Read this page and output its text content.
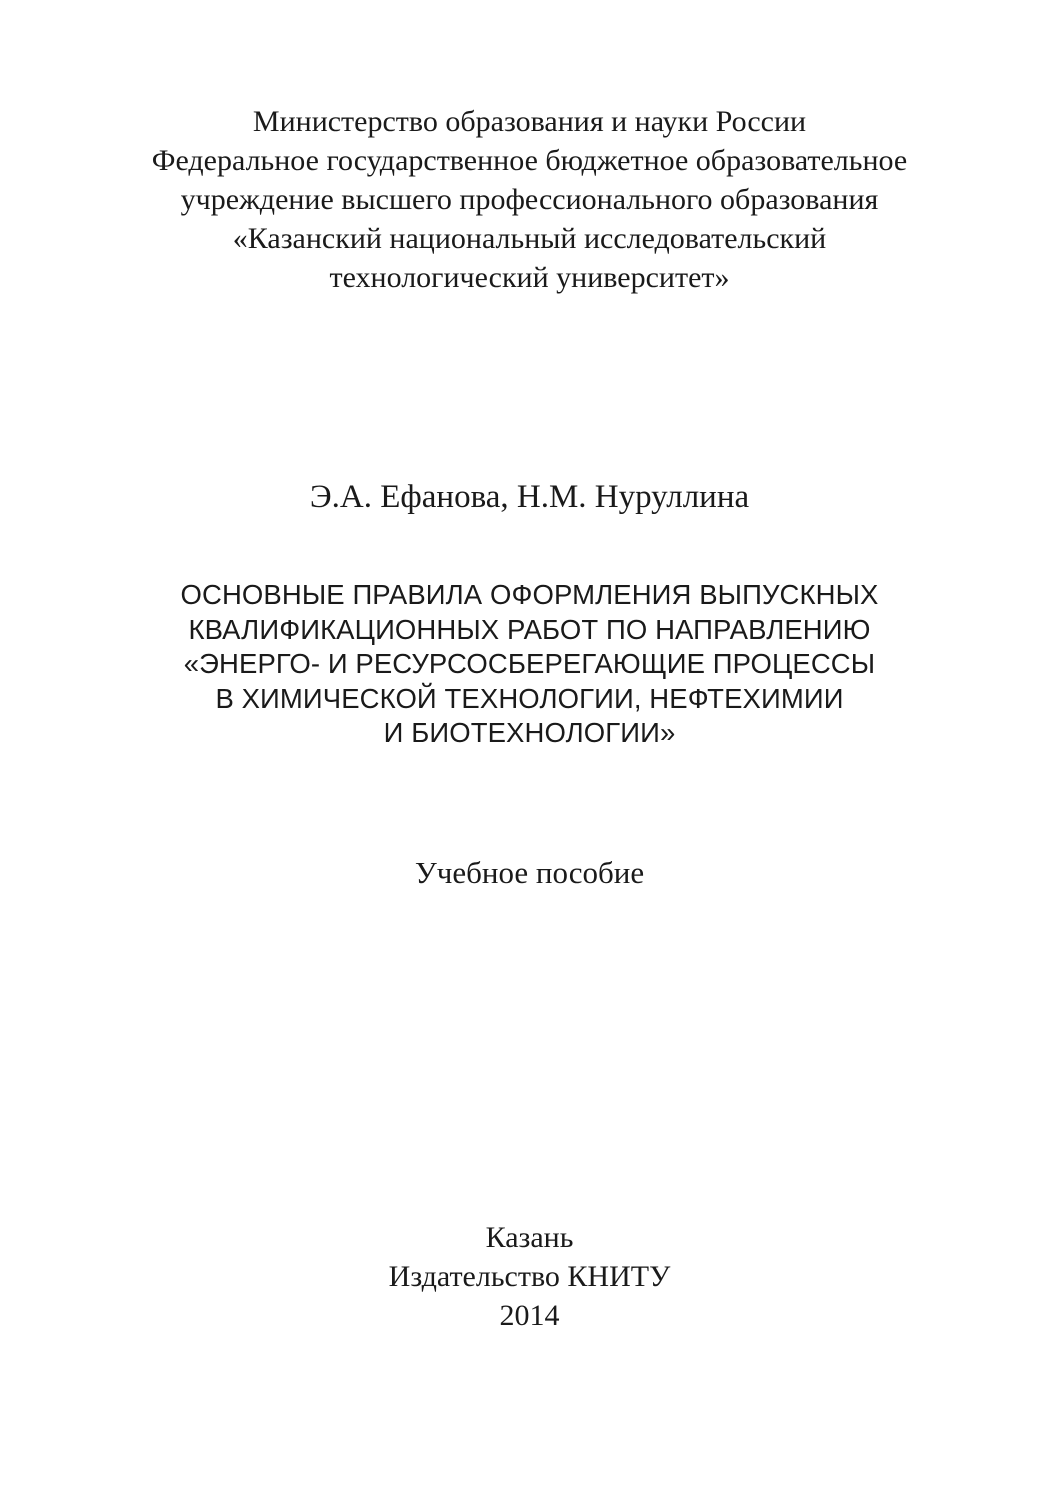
Министерство образования и науки России
Федеральное государственное бюджетное образовательное
учреждение высшего профессионального образования
«Казанский национальный исследовательский
технологический университет»
Э.А. Ефанова, Н.М. Нуруллина
ОСНОВНЫЕ ПРАВИЛА ОФОРМЛЕНИЯ ВЫПУСКНЫХ
КВАЛИФИКАЦИОННЫХ РАБОТ ПО НАПРАВЛЕНИЮ
«ЭНЕРГО- И РЕСУРСОСБЕРЕГАЮЩИЕ ПРОЦЕССЫ
В ХИМИЧЕСКОЙ ТЕХНОЛОГИИ, НЕФТЕХИМИИ
И БИОТЕХНОЛОГИИ»
Учебное пособие
Казань
Издательство КНИТУ
2014
